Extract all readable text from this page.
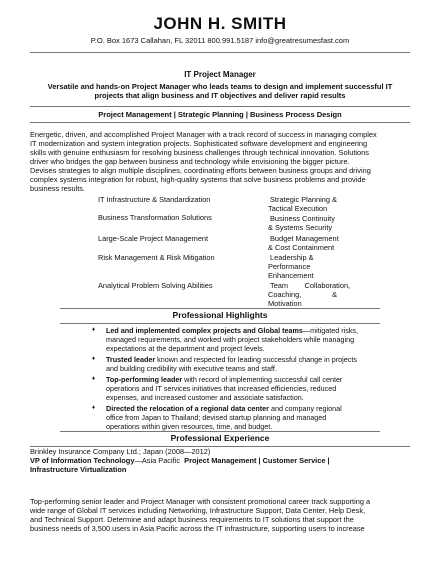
JOHN H. SMITH
P.O. Box 1673 Callahan, FL 32011 800.991.5187 info@greatresumesfast.com
IT Project Manager
Versatile and hands-on Project Manager who leads teams to design and implement successful IT
projects that align business and IT objectives and deliver rapid results
Project Management | Strategic Planning | Business Process Design
Energetic, driven, and accomplished Project Manager with a track record of success in managing complex
IT modernization and system integration projects. Sophisticated software development and engineering
skills with genuine enthusiasm for resolving business challenges through technical innovation. Solutions
driver who bridges the gap between business and technology while envisioning the bigger picture.
Devises strategies to align multiple disciplines, coordinating efforts between business groups and driving
complex systems integration for robust, high-quality systems that solve business problems and provide
business results.
IT Infrastructure & Standardization
Business Transformation Solutions
Large-Scale Project Management
Risk Management & Risk Mitigation
Analytical Problem Solving Abilities
Strategic Planning &
Tactical Execution
Business Continuity
& Systems Security
Budget Management
& Cost Containment
Leadership &
Performance
Enhancement
Team        Collaboration,
Coaching,               &
Motivation
Professional Highlights
♦ Led and implemented complex projects and Global teams—mitigated risks,
managed requirements, and worked with project stakeholders while managing
expectations at the department and project levels.

♦ Trusted leader known and respected for leading successful change in projects
and building credibility with executive teams and staff.

♦ Top-performing leader with record of implementing successful call center
operations and IT services initiatives that increased efficiencies, reduced
expenses, and increased customer and associate satisfaction.

♦ Directed the relocation of a regional data center and company regional
office from Japan to Thailand; devised startup planning and managed
operations within given resources, time, and budget.

Professional Experience
Brinkley Insurance Company Ltd.; Japan (2008—2012)
VP of Information Technology—Asia Pacific Project Management | Customer Service |
Infrastructure Virtualization
Top-performing senior leader and Project Manager with consistent promotional career track supporting a
wide range of Global IT services including Networking, Infrastructure Support, Data Center, Help Desk,
and Technical Support. Determine and adapt business requirements to IT solutions that support the
business needs of 3,500 users in Asia Pacific across the IT infrastructure, supporting users to increase
